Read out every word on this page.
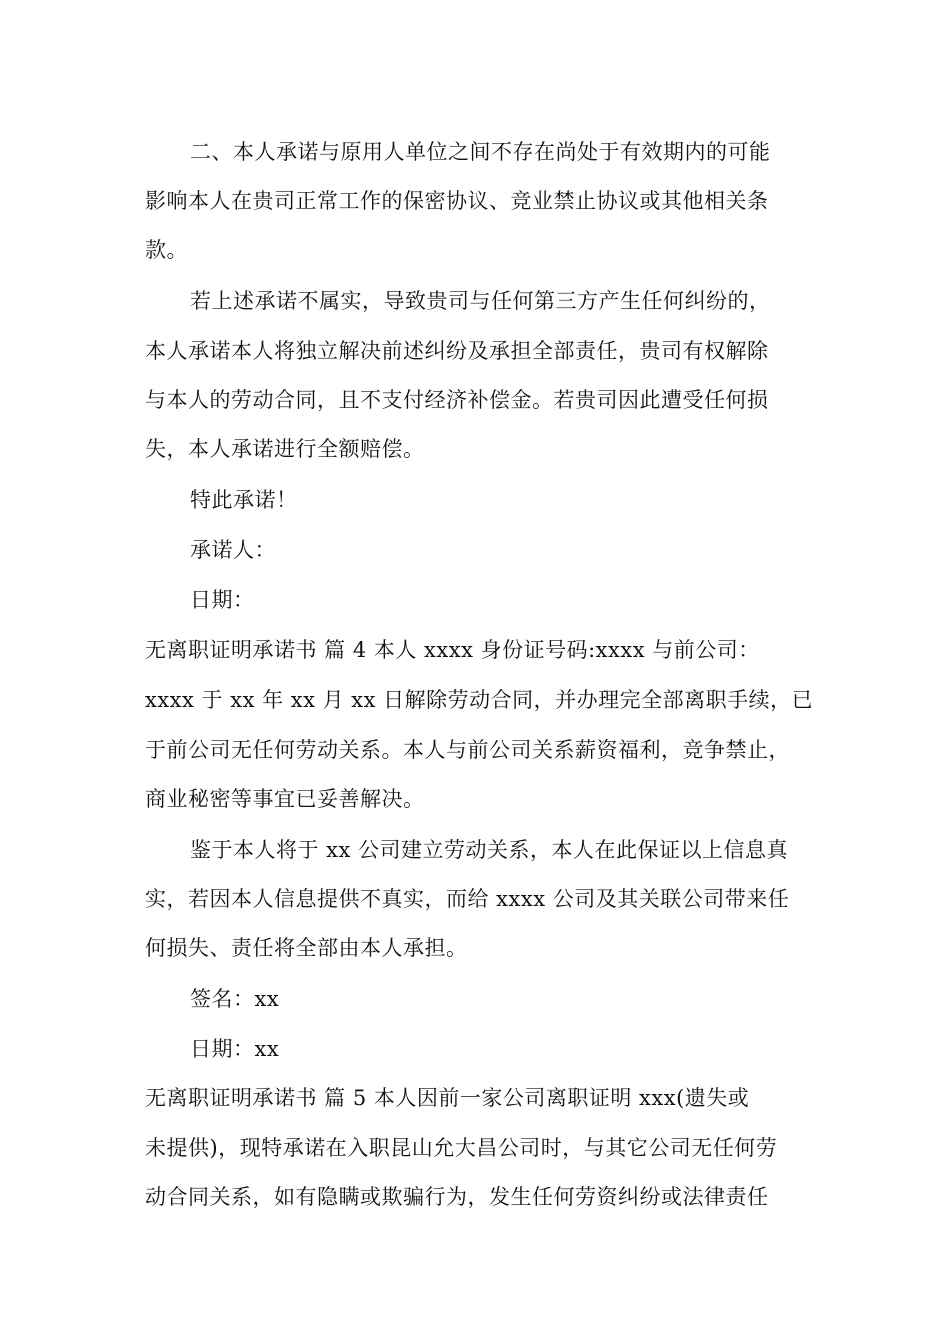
二、本人承诺与原用人单位之间不存在尚处于有效期内的可能
影响本人在贵司正常工作的保密协议、竞业禁止协议或其他相关条
款。
若上述承诺不属实，导致贵司与任何第三方产生任何纠纷的，
本人承诺本人将独立解决前述纠纷及承担全部责任，贵司有权解除
与本人的劳动合同，且不支付经济补偿金。若贵司因此遭受任何损
失，本人承诺进行全额赔偿。
特此承诺！
承诺人：
日期：
无离职证明承诺书 篇 4 本人 xxxx 身份证号码:xxxx 与前公司：
xxxx 于 xx 年 xx 月 xx 日解除劳动合同，并办理完全部离职手续，已
于前公司无任何劳动关系。本人与前公司关系薪资福利，竞争禁止，
商业秘密等事宜已妥善解决。
鉴于本人将于 xx 公司建立劳动关系，本人在此保证以上信息真
实，若因本人信息提供不真实，而给 xxxx 公司及其关联公司带来任
何损失、责任将全部由本人承担。
签名：xx
日期：xx
无离职证明承诺书 篇 5 本人因前一家公司离职证明 xxx(遗失或
未提供)，现特承诺在入职昆山允大昌公司时，与其它公司无任何劳
动合同关系，如有隐瞒或欺骗行为，发生任何劳资纠纷或法律责任
